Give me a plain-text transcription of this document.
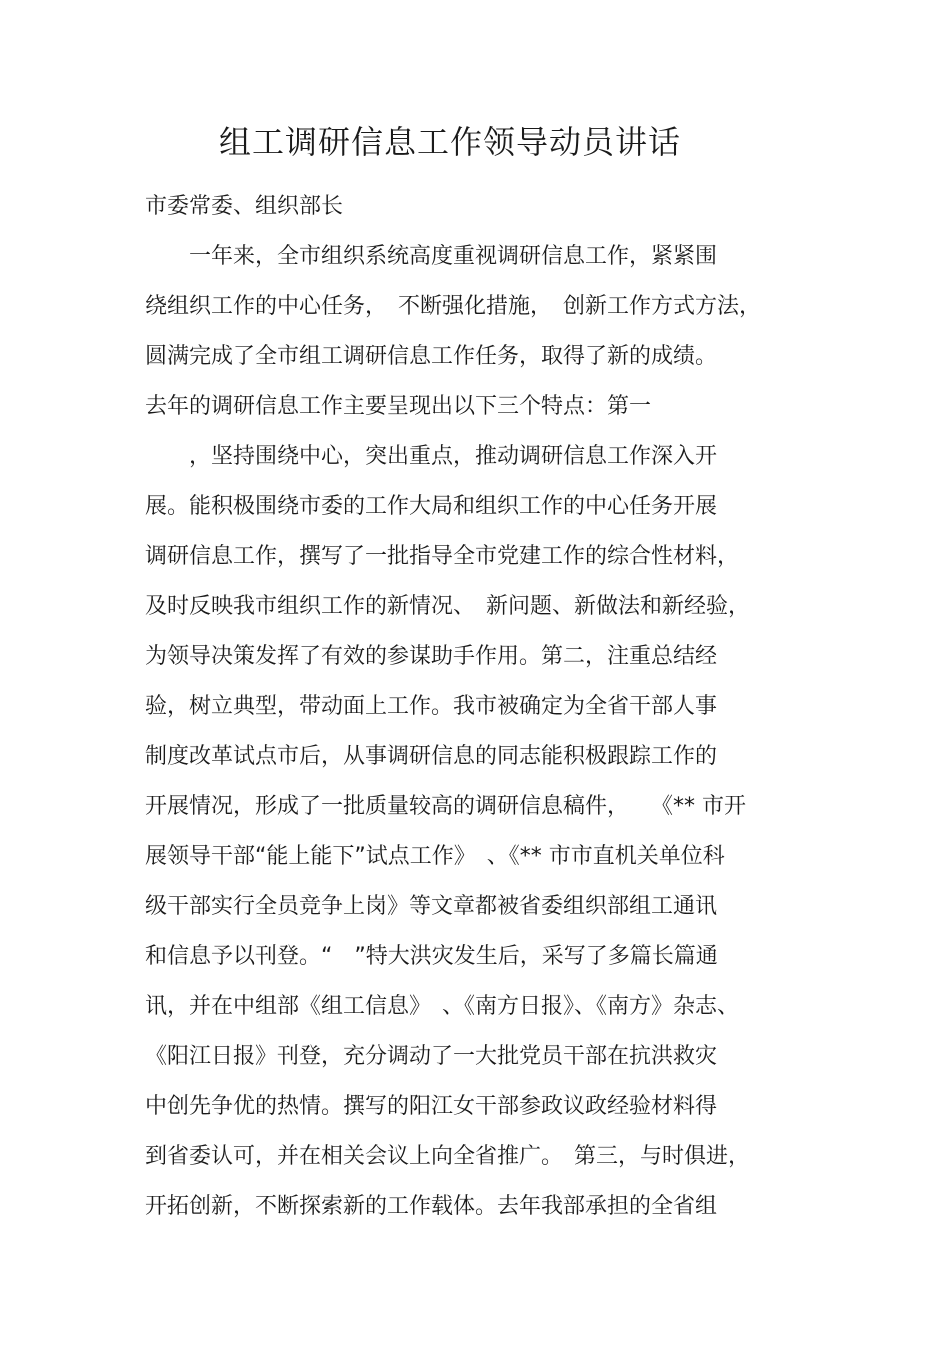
组工调研信息工作领导动员讲话
市委常委、组织部长
　　一年来，全市组织系统高度重视调研信息工作，紧紧围
绕组织工作的中心任务，　不断强化措施，　创新工作方式方法，
圆满完成了全市组工调研信息工作任务，取得了新的成绩。
去年的调研信息工作主要呈现出以下三个特点：第一
　　，坚持围绕中心，突出重点，推动调研信息工作深入开
展。能积极围绕市委的工作大局和组织工作的中心任务开展
调研信息工作，撰写了一批指导全市党建工作的综合性材料，
及时反映我市组织工作的新情况、　新问题、新做法和新经验，
为领导决策发挥了有效的参谋助手作用。第二，注重总结经
验，树立典型，带动面上工作。我市被确定为全省干部人事
制度改革试点市后，从事调研信息的同志能积极跟踪工作的
开展情况，形成了一批质量较高的调研信息稿件，　　《** 市开
展领导干部“能上能下”试点工作》　、《** 市市直机关单位科
级干部实行全员竞争上岗》等文章都被省委组织部组工通讯
和信息予以刊登。“　”特大洪灾发生后，采写了多篇长篇通
讯，并在中组部《组工信息》　、《南方日报》、《南方》杂志、
《阳江日报》刊登，充分调动了一大批党员干部在抗洪救灾
中创先争优的热情。撰写的阳江女干部参政议政经验材料得
到省委认可，并在相关会议上向全省推广。　第三，与时俱进，
开拓创新，不断探索新的工作载体。去年我部承担的全省组
